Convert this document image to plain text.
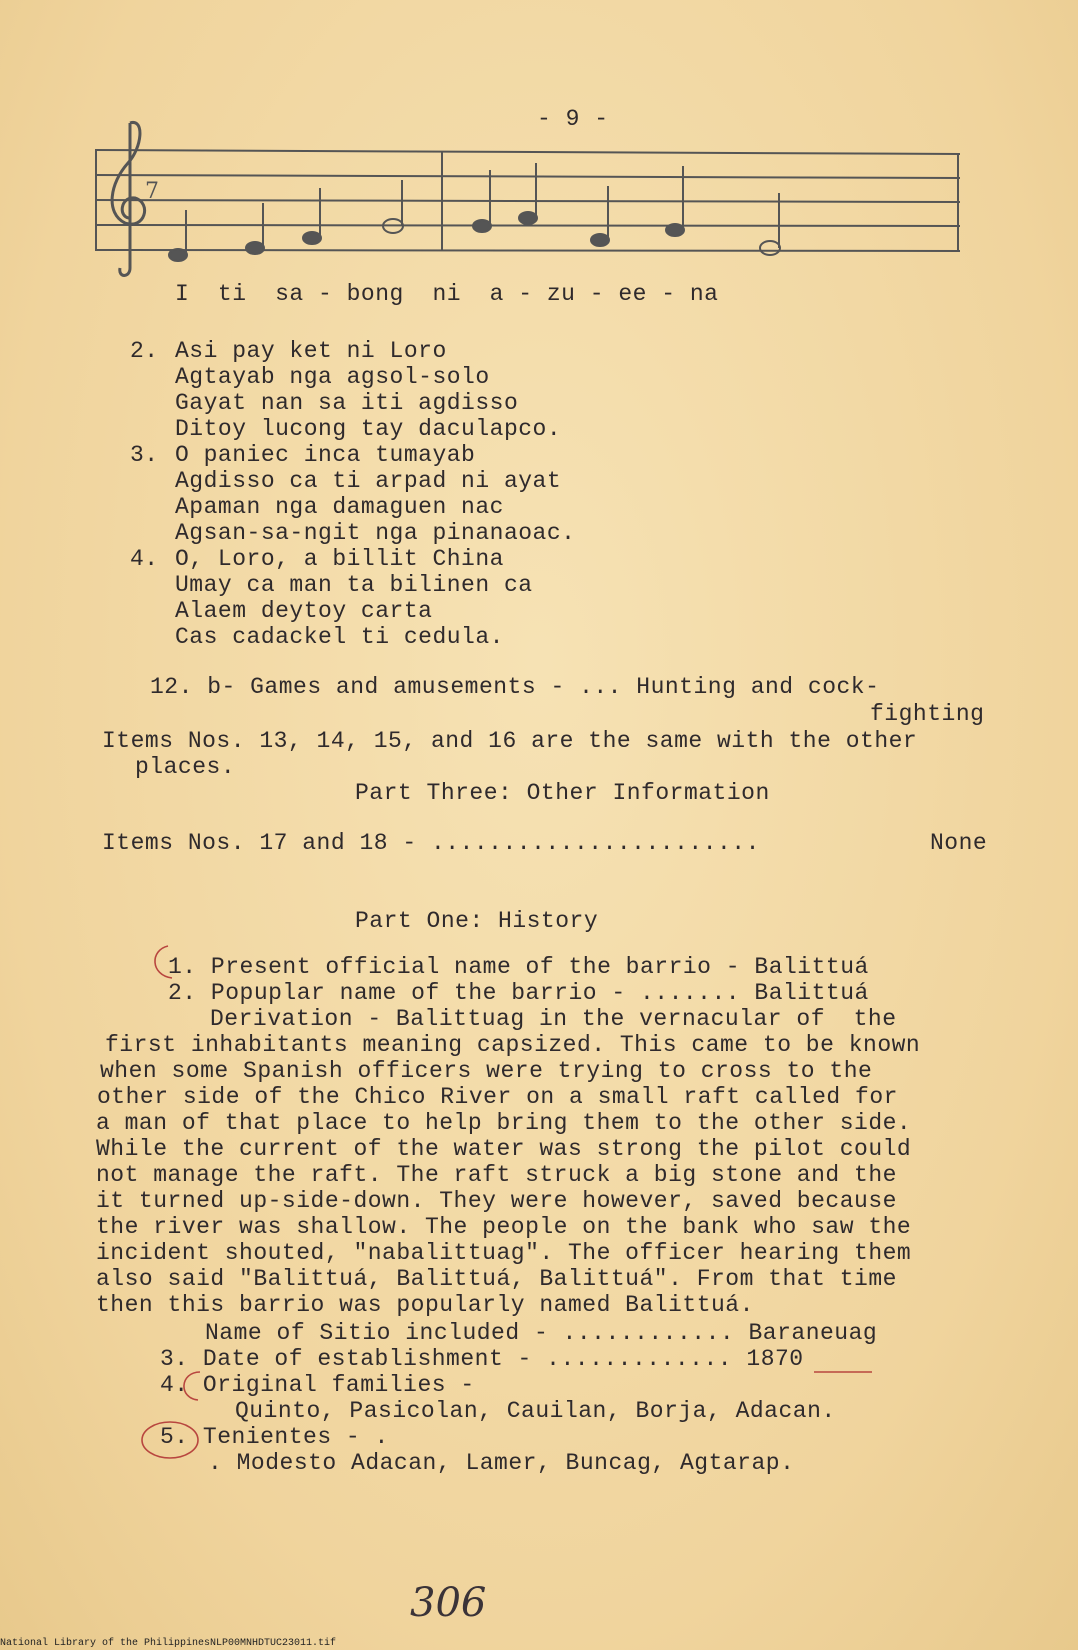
- 9 -
7
I  ti  sa - bong  ni  a - zu - ee - na
2. Asi pay ket ni Loro
Agtayab nga agsol-solo
Gayat nan sa iti agdisso
Ditoy lucong tay daculapco.
3. O paniec inca tumayab
Agdisso ca ti arpad ni ayat
Apaman nga damaguen nac
Agsan-sa-ngit nga pinanaoac.
4. O, Loro, a billit China
Umay ca man ta bilinen ca
Alaem deytoy carta
Cas cadackel ti cedula.
12. b- Games and amusements - ... Hunting and cock-
fighting
Items Nos. 13, 14, 15, and 16 are the same with the other
places.
Part Three: Other Information
Items Nos. 17 and 18 - .......................	None
Part One: History
1. Present official name of the barrio - Balittuá
2. Popuplar name of the barrio - ....... Balittuá
Derivation - Balittuag in the vernacular of  the
first inhabitants meaning capsized. This came to be known
when some Spanish officers were trying to cross to the
other side of the Chico River on a small raft called for
a man of that place to help bring them to the other side.
While the current of the water was strong the pilot could
not manage the raft. The raft struck a big stone and the
it turned up-side-down. They were however, saved because
the river was shallow. The people on the bank who saw the
incident shouted, "nabalittuag". The officer hearing them
also said "Balittuá, Balittuá, Balittuá". From that time
then this barrio was popularly named Balittuá.
Name of Sitio included - ............ Baraneuag
3. Date of establishment - ............. 1870
4. Original families -
Quinto, Pasicolan, Cauilan, Borja, Adacan.
5. Tenientes - .
. Modesto Adacan, Lamer, Buncag, Agtarap.
306
National Library of the Philippines NLP00MNHDTUC23011.tif
